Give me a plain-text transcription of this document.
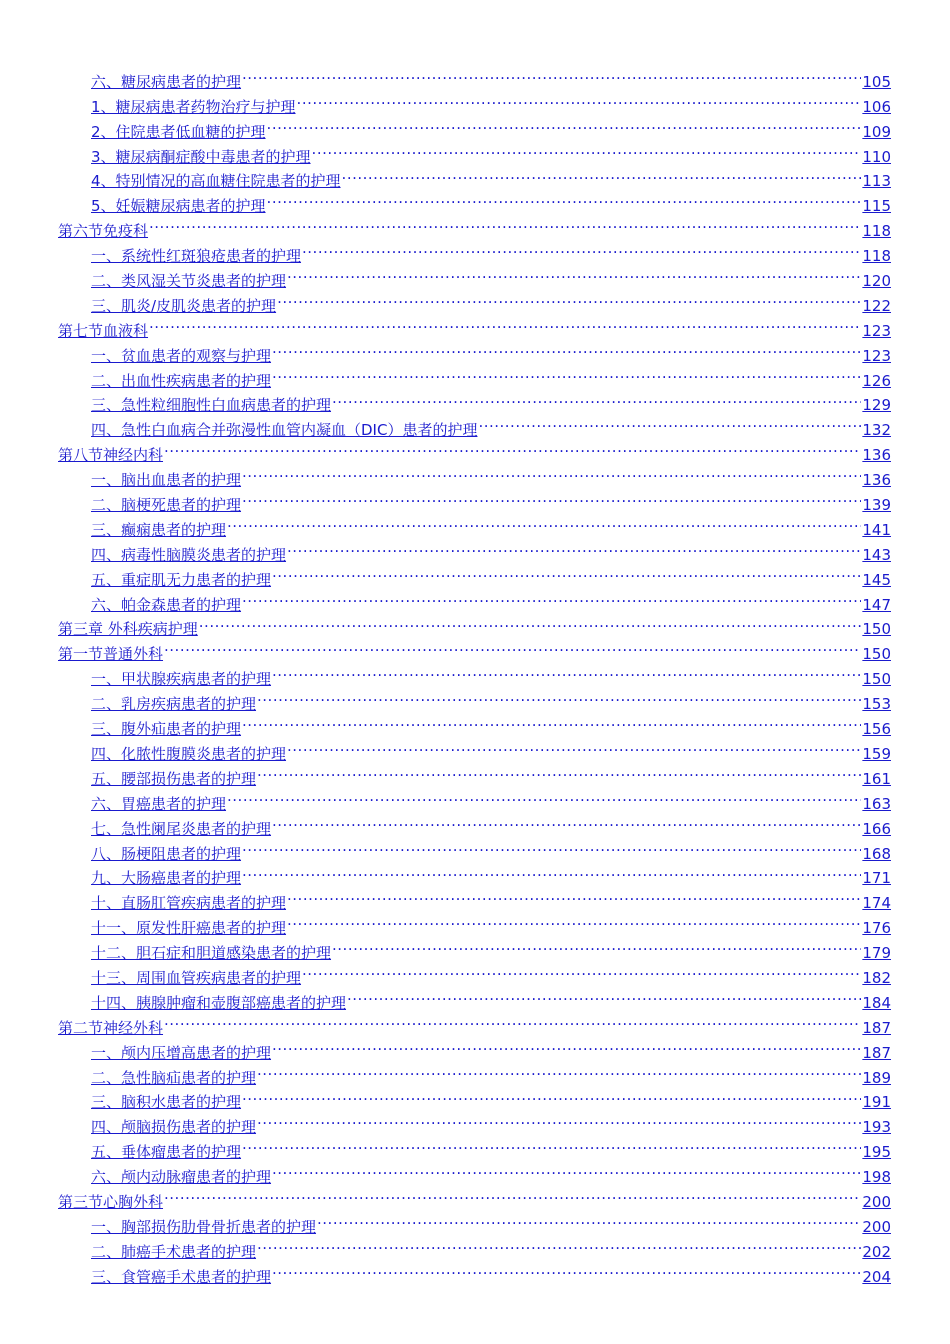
六、糖尿病患者的护理 .....	105
1、糖尿病患者药物治疗与护理 .....	106
2、住院患者低血糖的护理 .....	109
3、糖尿病酮症酸中毒患者的护理 .....	110
4、特别情况的高血糖住院患者的护理 .....	113
5、妊娠糖尿病患者的护理 .....	115
第六节免疫科 .....	118
一、系统性红斑狼疮患者的护理 .....	118
二、类风湿关节炎患者的护理 .....	120
三、肌炎/皮肌炎患者的护理 .....	122
第七节血液科 .....	123
一、贫血患者的观察与护理 .....	123
二、出血性疾病患者的护理 .....	126
三、急性粒细胞性白血病患者的护理 .....	129
四、急性白血病合并弥漫性血管内凝血（DIC）患者的护理 .....	132
第八节神经内科 .....	136
一、脑出血患者的护理 .....	136
二、脑梗死患者的护理 .....	139
三、癫痫患者的护理 .....	141
四、病毒性脑膜炎患者的护理 .....	143
五、重症肌无力患者的护理 .....	145
六、帕金森患者的护理 .....	147
第三章 外科疾病护理 .....	150
第一节普通外科 .....	150
一、甲状腺疾病患者的护理 .....	150
二、乳房疾病患者的护理 .....	153
三、腹外疝患者的护理 .....	156
四、化脓性腹膜炎患者的护理 .....	159
五、腰部损伤患者的护理 .....	161
六、胃癌患者的护理 .....	163
七、急性阑尾炎患者的护理 .....	166
八、肠梗阻患者的护理 .....	168
九、大肠癌患者的护理 .....	171
十、直肠肛管疾病患者的护理 .....	174
十一、原发性肝癌患者的护理 .....	176
十二、胆石症和胆道感染患者的护理 .....	179
十三、周围血管疾病患者的护理 .....	182
十四、胰腺肿瘤和壶腹部癌患者的护理 .....	184
第二节神经外科 .....	187
一、颅内压增高患者的护理 .....	187
二、急性脑疝患者的护理 .....	189
三、脑积水患者的护理 .....	191
四、颅脑损伤患者的护理 .....	193
五、垂体瘤患者的护理 .....	195
六、颅内动脉瘤患者的护理 .....	198
第三节心胸外科 .....	200
一、胸部损伤肋骨骨折患者的护理 .....	200
二、肺癌手术患者的护理 .....	202
三、食管癌手术患者的护理 .....	204
